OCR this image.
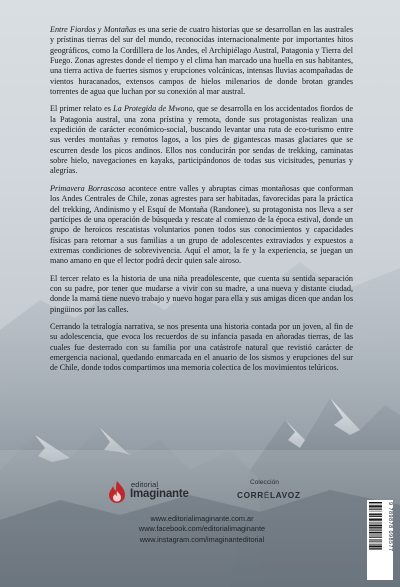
Entre Fiordos y Montañas es una serie de cuatro historias que se desarrollan en las australes y prístinas tierras del sur del mundo, reconocidas internacionalmente por importantes hitos geográficos, como la Cordillera de los Andes, el Archipiélago Austral, Patagonia y Tierra del Fuego. Zonas agrestes donde el tiempo y el clima han marcado una huella en sus habitantes, una tierra activa de fuertes sismos y erupciones volcánicas, intensas lluvias acompañadas de vientos huracanados, extensos campos de hielos milenarios de donde brotan grandes torrentes de agua que luchan por su conexión al mar austral.

El primer relato es La Protegida de Mwono, que se desarrolla en los accidentados fiordos de la Patagonia austral, una zona prístina y remota, donde sus protagonistas realizan una expedición de carácter económico-social, buscando levantar una ruta de eco-turismo entre sus verdes montañas y remotos lagos, a los pies de gigantescas masas glaciares que se escurren desde los picos andinos. Ellos nos conducirán por sendas de trekking, caminatas sobre hielo, navegaciones en kayaks, participándonos de todas sus vicisitudes, penurias y alegrías.

Primavera Borrascosa acontece entre valles y abruptas cimas montañosas que conforman los Andes Centrales de Chile, zonas agrestes para ser habitadas, favorecidas para la práctica del trekking, Andinismo y el Esquí de Montaña (Randonee), su protagonista nos lleva a ser partícipes de una operación de búsqueda y rescate al comienzo de la época estival, donde un grupo de heroicos rescatistas voluntarios ponen todos sus conocimientos y capacidades físicas para retornar a sus familias a un grupo de adolescentes extraviados y expuestos a extremas condiciones de sobrevivencia. Aquí el amor, la fe y la experiencia, se juegan un mano amano en que el lector podrá decir quien sale airoso.

El tercer relato es la historia de una niña preadolescente, que cuenta su sentida separación con su padre, por tener que mudarse a vivir con su madre, a una nueva y distante ciudad, donde la mamá tiene nuevo trabajo y nuevo hogar para ella y sus amigas dicen que andan los pingüinos por las calles.

Cerrando la tetralogía narrativa, se nos presenta una historia contada por un joven, al fin de su adolescencia, que evoca los recuerdos de su infancia pasada en añoradas tierras, de las cuales fue desterrado con su familia por una catástrofe natural que revistió carácter de emergencia nacional, quedando enmarcada en el anuario de los sismos y erupciones del sur de Chile, donde todos compartimos una memoria colectica de los movimientos telúricos.

editorial
Imaginante
Colección
CORRÉLAVOZ
www.editorialimaginante.com.ar
www.facebook.com/editorialimaginante
www.instagram.com/imaginanteditorial	9 789878 098577
